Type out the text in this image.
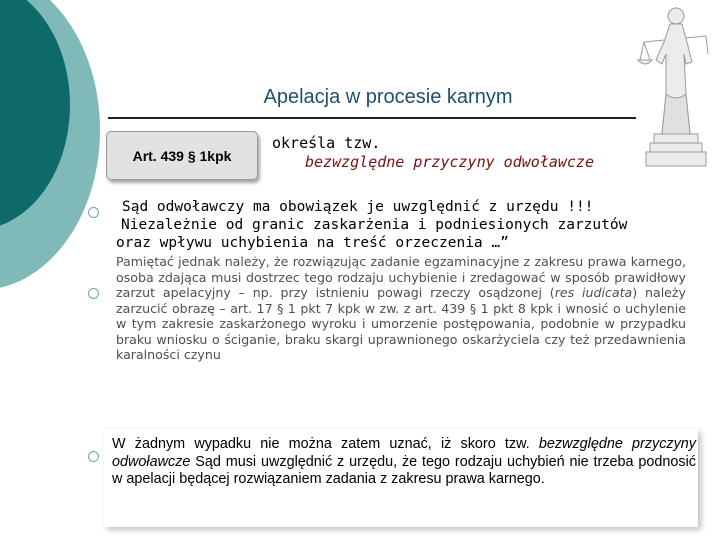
Apelacja w procesie karnym
Art. 439 § 1kpk
określa tzw.
bezwzględne przyczyny odwoławcze
Sąd odwoławczy ma obowiązek je uwzględnić z urzędu !!!
Niezależnie od granic zaskarżenia i podniesionych zarzutów
oraz wpływu uchybienia na treść orzeczenia …”
Pamiętać jednak należy, że rozwiązując zadanie egzaminacyjne z zakresu prawa karnego, osoba zdająca musi dostrzec tego rodzaju uchybienie i zredagować w sposób prawidłowy zarzut apelacyjny – np. przy istnieniu powagi rzeczy osądzonej (res iudicata) należy zarzucić obrazę – art. 17 § 1 pkt 7 kpk w zw. z art. 439 § 1 pkt 8 kpk i wnosić o uchylenie w tym zakresie zaskarżonego wyroku i umorzenie postępowania, podobnie w przypadku braku wniosku o ściganie, braku skargi uprawnionego oskarżyciela czy też przedawnienia karalności czynu
W żadnym wypadku nie można zatem uznać, iż skoro tzw. bezwzględne przyczyny odwoławcze Sąd musi uwzględnić z urzędu, że tego rodzaju uchybień nie trzeba podnosić w apelacji będącej rozwiązaniem zadania z zakresu prawa karnego.
